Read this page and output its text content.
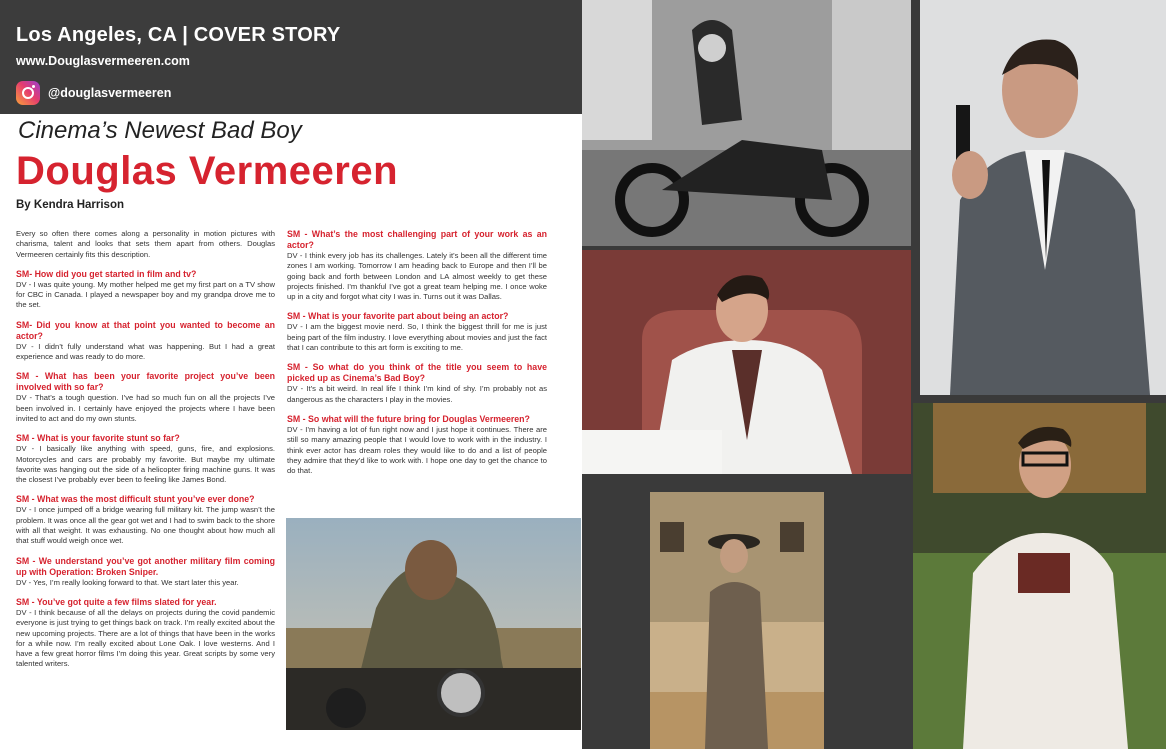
Los Angeles, CA | COVER STORY
www.Douglasvermeeren.com
@douglasvermeeren
Cinema’s Newest Bad Boy
Douglas Vermeeren
By Kendra Harrison

Every so often there comes along a personality in motion pictures with charisma, talent and looks that sets them apart from others. Douglas Vermeeren certainly fits this description.

SM- How did you get started in film and tv?

DV - I was quite young. My mother helped me get my first part on a TV show for CBC in Canada. I played a newspaper boy and my grandpa drove me to the set.

SM- Did you know at that point you wanted to become an actor?

DV - I didn’t fully understand what was happening. But I had a great experience and was ready to do more.

SM - What has been your favorite project you’ve been involved with so far?

DV - That’s a tough question. I’ve had so much fun on all the projects I’ve been involved in. I certainly have enjoyed the projects where I have been invited to act and do my own stunts.

SM - What is your favorite stunt so far?

DV - I basically like anything with speed, guns, fire, and explosions. Motorcycles and cars are probably my favorite. But maybe my ultimate favorite was hanging out the side of a helicopter firing machine guns. It was the closest I’ve probably ever been to feeling like James Bond.

SM - What was the most difficult stunt you’ve ever done?

DV - I once jumped off a bridge wearing full military kit. The jump wasn’t the problem. It was once all the gear got wet and I had to swim back to the shore with all that weight. It was exhausting. No one thought about how much all that stuff would weigh once wet.

SM - We understand you’ve got another military film coming up with Operation: Broken Sniper.

DV - Yes, I’m really looking forward to that. We start later this year.

SM - You’ve got quite a few films slated for year.

DV - I think because of all the delays on projects during the covid pandemic everyone is just trying to get things back on track. I’m really excited about the new upcoming projects. There are a lot of things that have been in the works for a while now. I’m really excited about Lone Oak. I love westerns. And I have a few great horror films I’m doing this year. Great scripts by some very talented writers.

SM - What’s the most challenging part of your work as an actor?

DV - I think every job has its challenges. Lately it’s been all the different time zones I am working. Tomorrow I am heading back to Europe and then I’ll be going back and forth between London and LA almost weekly to get these projects finished. I’m thankful I’ve got a great team helping me. I once woke up in a city and forgot what city I was in. Turns out it was Dallas.

SM - What is your favorite part about being an actor?

DV - I am the biggest movie nerd. So, I think the biggest thrill for me is just being part of the film industry. I love everything about movies and just the fact that I can contribute to this art form is exciting to me.

SM - So what do you think of the title you seem to have picked up as Cinema’s Bad Boy?

DV - It’s a bit weird. In real life I think I’m kind of shy. I’m probably not as dangerous as the characters I play in the movies.

SM - So what will the future bring for Douglas Vermeeren?

DV - I’m having a lot of fun right now and I just hope it continues. There are still so many amazing people that I would love to work with in the industry. I think ever actor has dream roles they would like to do and a list of people they admire that they’d like to work with. I hope one day to get the chance to do that.
